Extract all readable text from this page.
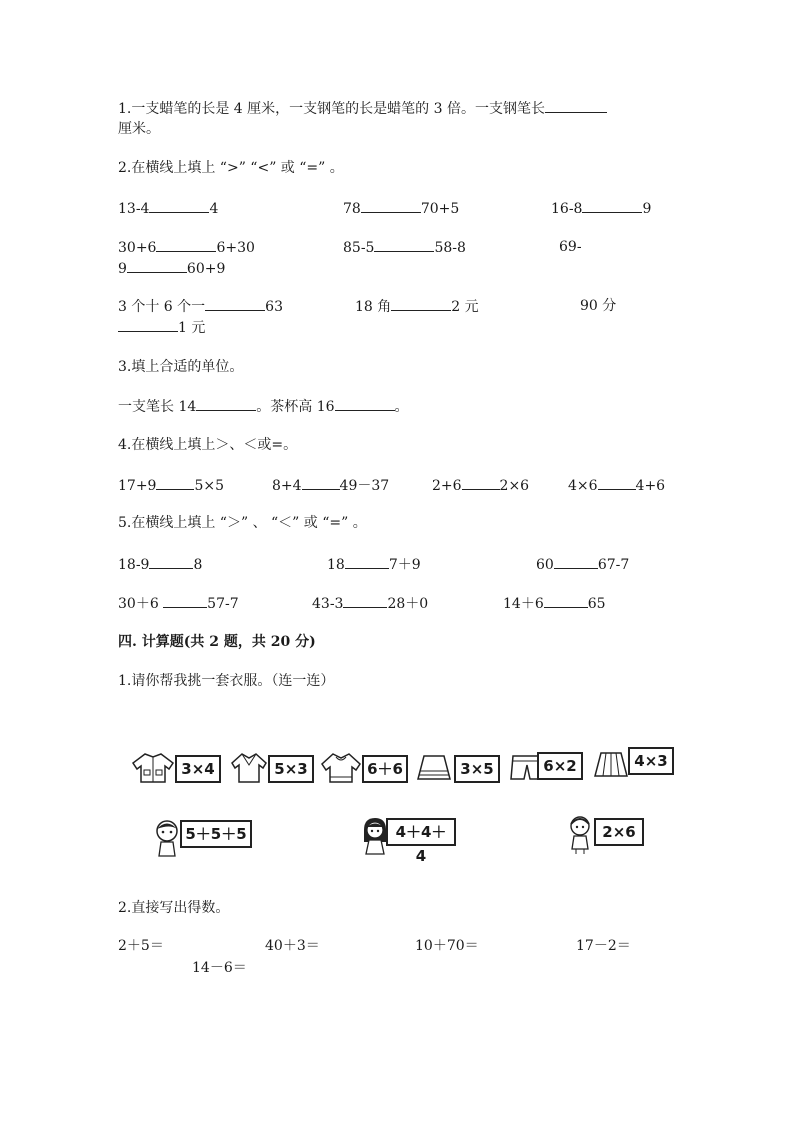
1.一支蜡笔的长是 4 厘米，一支钢笔的长是蜡笔的 3 倍。一支钢笔长
厘米。
2.在横线上填上 “>” “<” 或 “=” 。
13-4	4	78	70+5	16-8	9
30+6	6+30	85-5	58-8	69-
9	60+9
3 个十 6 个一	63	18 角	2 元	90 分
1 元
3.填上合适的单位。
一支笔长 14	。茶杯高 16	。
4.在横线上填上＞、＜或=。
17+9	5×5	8+4	49－37	2+6	2×6	4×6	4+6
5.在横线上填上 “＞” 、 “＜” 或 “=” 。
18-9	8	18	7＋9	60	67-7
30＋6	57-7	43-3	28＋0	14＋6	65
四. 计算题(共 2 题，共 20 分)
1.请你帮我挑一套衣服。（连一连）
3×4	5×3	6＋6	3×5	6×2	4×3
5＋5＋5	4＋4＋4
2×6
2.直接写出得数。
2＋5＝	40＋3＝	10＋70＝	17－2＝
14－6＝
